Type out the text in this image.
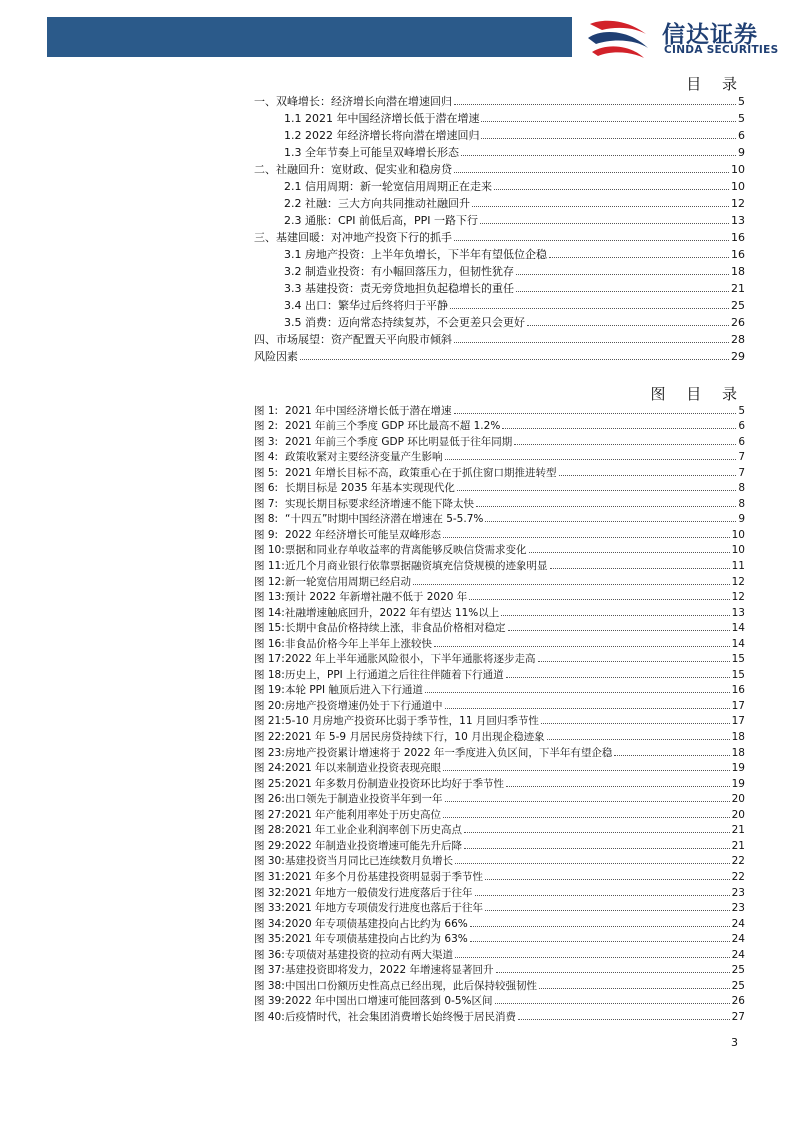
信达证券
CINDA SECURITIES
目 录
一、双峰增长：经济增长向潜在增速回归	5
1.1 2021 年中国经济增长低于潜在增速	5
1.2 2022 年经济增长将向潜在增速回归	6
1.3 全年节奏上可能呈双峰增长形态	9
二、社融回升：宽财政、促实业和稳房贷	10
2.1 信用周期：新一轮宽信用周期正在走来	10
2.2 社融：三大方向共同推动社融回升	12
2.3 通胀：CPI 前低后高，PPI 一路下行	13
三、基建回暖：对冲地产投资下行的抓手	16
3.1 房地产投资：上半年负增长，下半年有望低位企稳	16
3.2 制造业投资：有小幅回落压力，但韧性犹存	18
3.3 基建投资：责无旁贷地担负起稳增长的重任	21
3.4 出口：繁华过后终将归于平静	25
3.5 消费：迈向常态持续复苏，不会更差只会更好	26
四、市场展望：资产配置天平向股市倾斜	28
风险因素	29
图 目 录
图 1: 2021 年中国经济增长低于潜在增速	5
图 2: 2021 年前三个季度 GDP 环比最高不超 1.2%	6
图 3: 2021 年前三个季度 GDP 环比明显低于往年同期	6
图 4: 政策收紧对主要经济变量产生影响	7
图 5: 2021 年增长目标不高，政策重心在于抓住窗口期推进转型	7
图 6: 长期目标是 2035 年基本实现现代化	8
图 7: 实现长期目标要求经济增速不能下降太快	8
图 8: “十四五”时期中国经济潜在增速在 5-5.7%	9
图 9: 2022 年经济增长可能呈双峰形态	10
图 10: 票据和同业存单收益率的背离能够反映信贷需求变化	10
图 11: 近几个月商业银行依靠票据融资填充信贷规模的迹象明显	11
图 12: 新一轮宽信用周期已经启动	12
图 13: 预计 2022 年新增社融不低于 2020 年	12
图 14: 社融增速触底回升，2022 年有望达 11%以上	13
图 15: 长期中食品价格持续上涨，非食品价格相对稳定	14
图 16: 非食品价格今年上半年上涨较快	14
图 17: 2022 年上半年通胀风险很小，下半年通胀将逐步走高	15
图 18: 历史上，PPI 上行通道之后往往伴随着下行通道	15
图 19: 本轮 PPI 触顶后进入下行通道	16
图 20: 房地产投资增速仍处于下行通道中	17
图 21: 5-10 月房地产投资环比弱于季节性，11 月回归季节性	17
图 22: 2021 年 5-9 月居民房贷持续下行，10 月出现企稳迹象	18
图 23: 房地产投资累计增速将于 2022 年一季度进入负区间，下半年有望企稳	18
图 24: 2021 年以来制造业投资表现亮眼	19
图 25: 2021 年多数月份制造业投资环比均好于季节性	19
图 26: 出口领先于制造业投资半年到一年	20
图 27: 2021 年产能利用率处于历史高位	20
图 28: 2021 年工业企业利润率创下历史高点	21
图 29: 2022 年制造业投资增速可能先升后降	21
图 30: 基建投资当月同比已连续数月负增长	22
图 31: 2021 年多个月份基建投资明显弱于季节性	22
图 32: 2021 年地方一般债发行进度落后于往年	23
图 33: 2021 年地方专项债发行进度也落后于往年	23
图 34: 2020 年专项债基建投向占比约为 66%	24
图 35: 2021 年专项债基建投向占比约为 63%	24
图 36: 专项债对基建投资的拉动有两大渠道	24
图 37: 基建投资即将发力，2022 年增速将显著回升	25
图 38: 中国出口份额历史性高点已经出现，此后保持较强韧性	25
图 39: 2022 年中国出口增速可能回落到 0-5%区间	26
图 40: 后疫情时代，社会集团消费增长始终慢于居民消费	27
3
